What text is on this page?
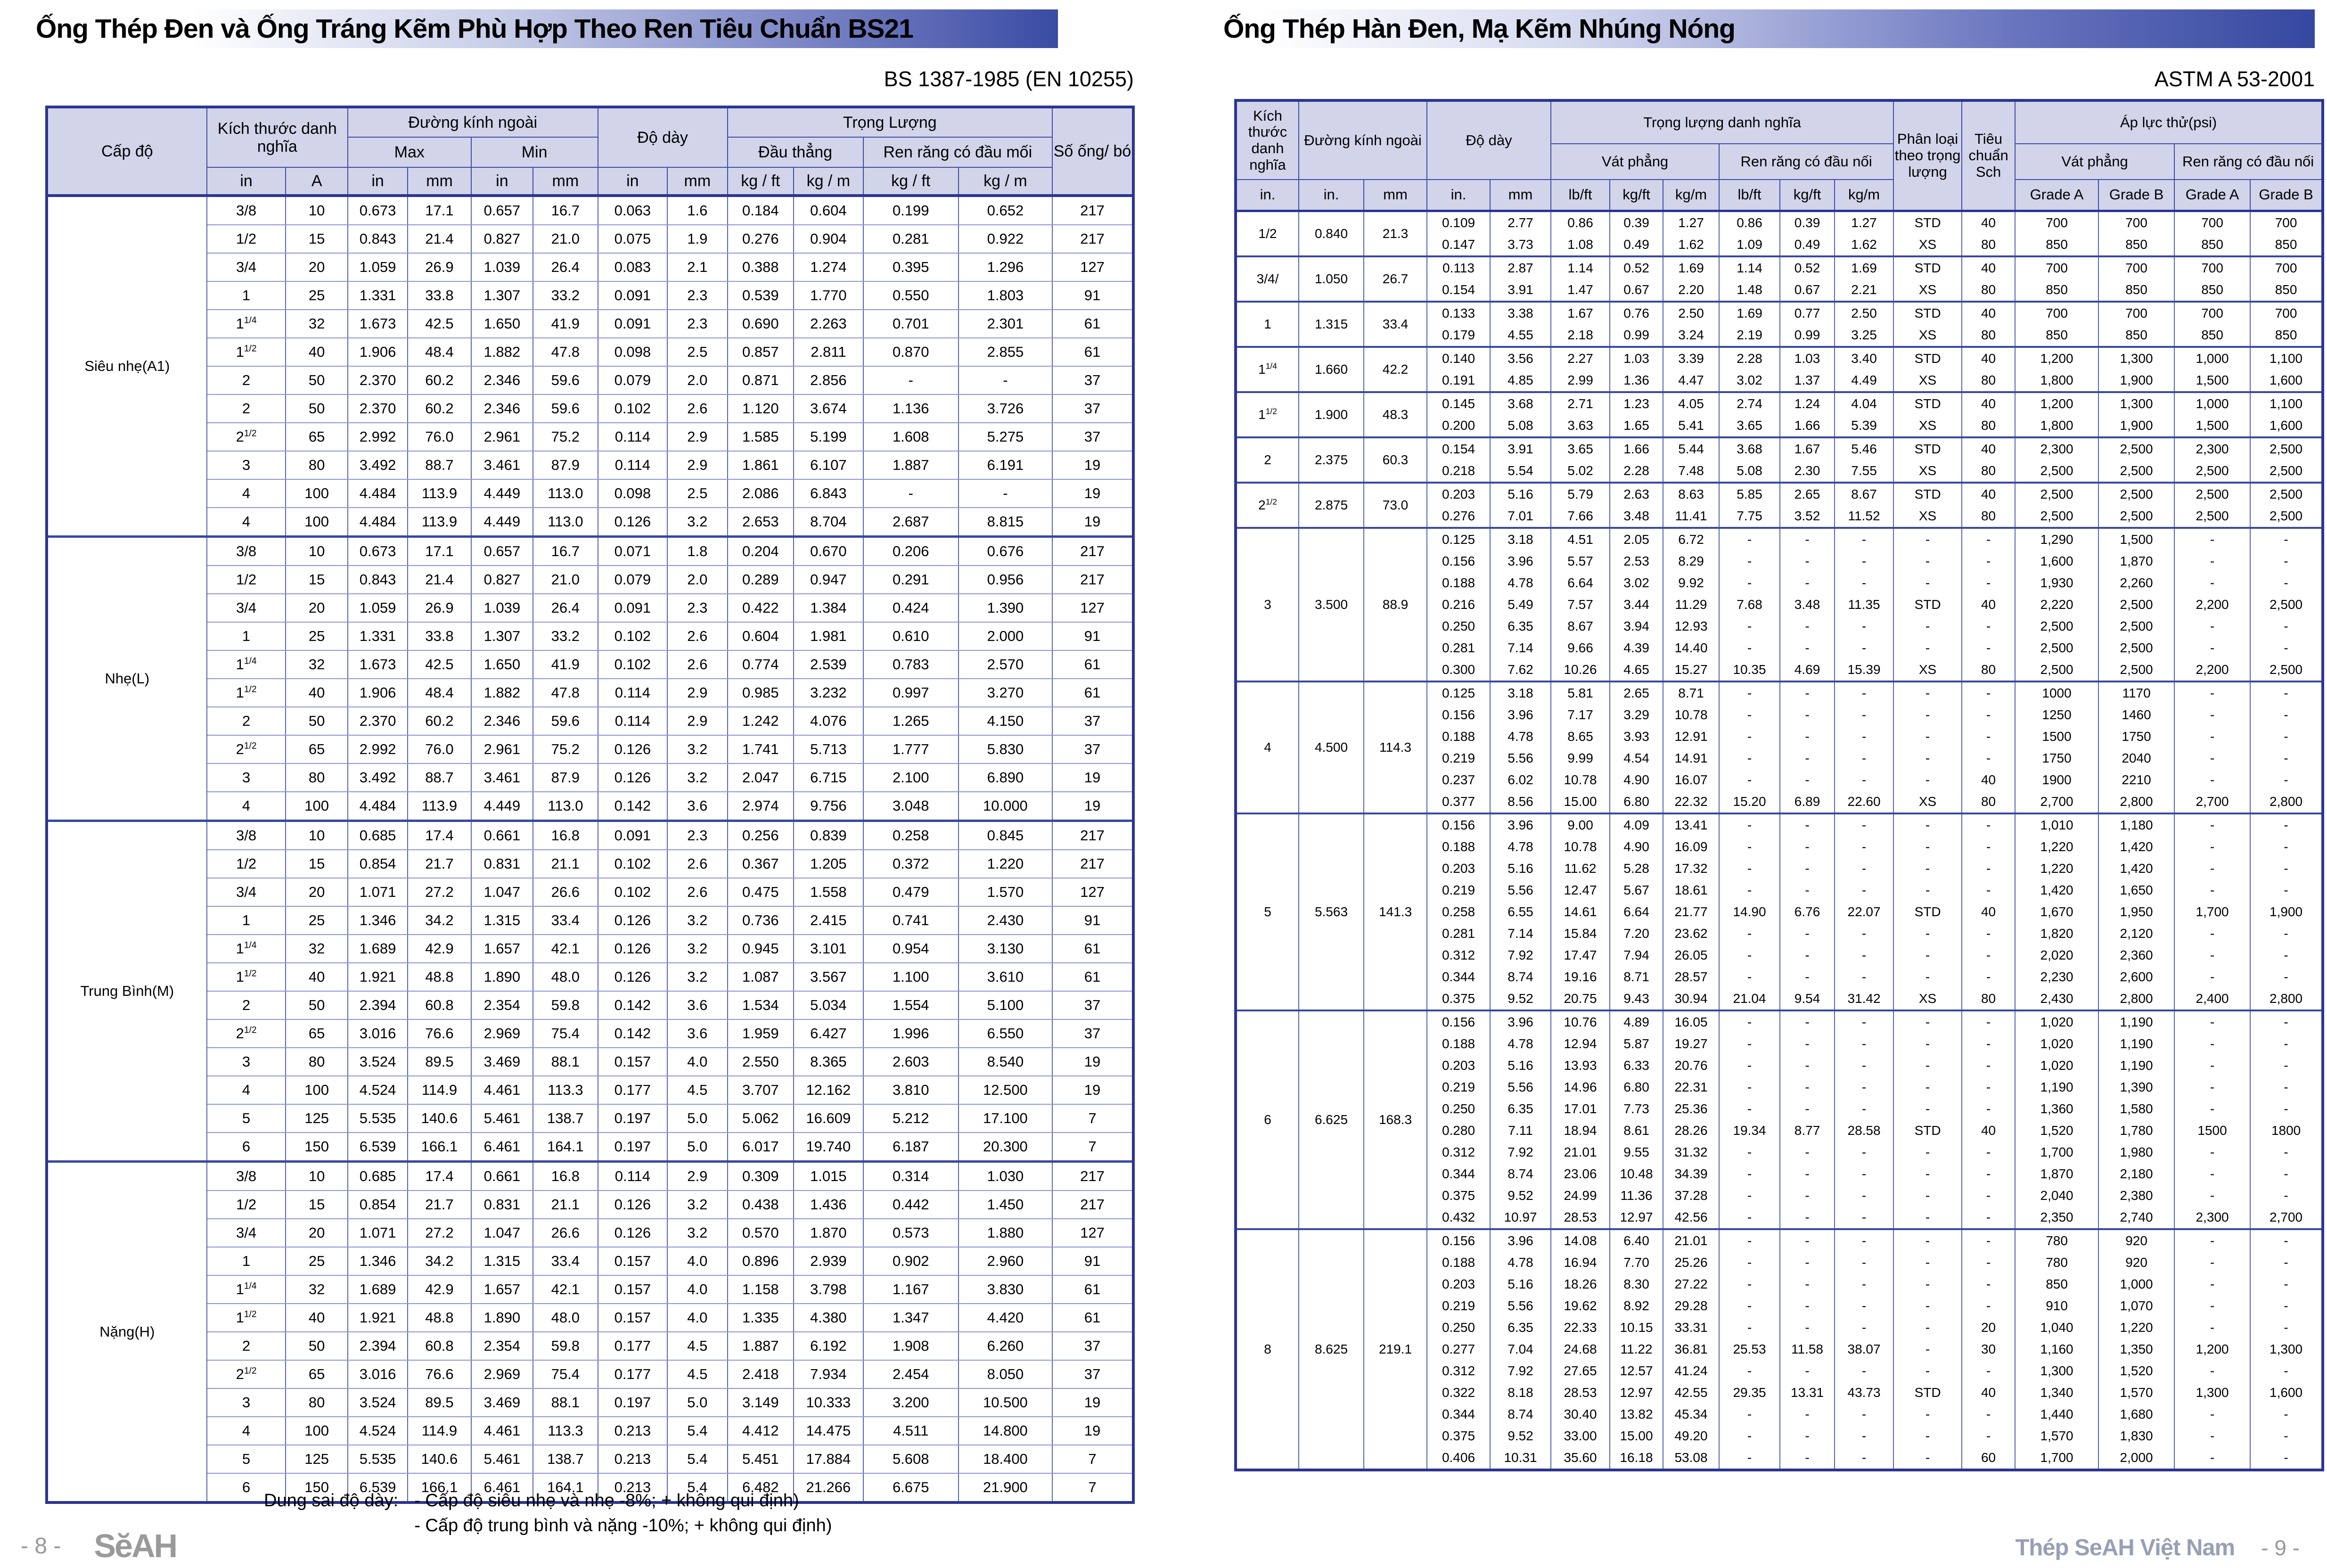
Ống Thép Đen và Ống Tráng Kẽm Phù Hợp Theo Ren Tiêu Chuẩn BS21
BS 1387-1985 (EN 10255)
Cấp độ	Kích thước danh nghĩa		Đường kính ngoài				Độ dày		Trọng Lượng				Số ống/ bó
			Max		Min				Đầu thẳng		Ren răng có đầu mối		
	in	A	in	mm	in	mm	in	mm	kg / ft	kg / m	kg / ft	kg / m	
Siêu nhẹ(A1)	3/8	10	0.673	17.1	0.657	16.7	0.063	1.6	0.184	0.604	0.199	0.652	217
	1/2	15	0.843	21.4	0.827	21.0	0.075	1.9	0.276	0.904	0.281	0.922	217
	3/4	20	1.059	26.9	1.039	26.4	0.083	2.1	0.388	1.274	0.395	1.296	127
	1	25	1.331	33.8	1.307	33.2	0.091	2.3	0.539	1.770	0.550	1.803	91
	$1^{1/4}$	32	1.673	42.5	1.650	41.9	0.091	2.3	0.690	2.263	0.701	2.301	61
	$1^{1/2}$	40	1.906	48.4	1.882	47.8	0.098	2.5	0.857	2.811	0.870	2.855	61
	2	50	2.370	60.2	2.346	59.6	0.079	2.0	0.871	2.856	-	-	37
	2	50	2.370	60.2	2.346	59.6	0.102	2.6	1.120	3.674	1.136	3.726	37
	$2^{1/2}$	65	2.992	76.0	2.961	75.2	0.114	2.9	1.585	5.199	1.608	5.275	37
	3	80	3.492	88.7	3.461	87.9	0.114	2.9	1.861	6.107	1.887	6.191	19
	4	100	4.484	113.9	4.449	113.0	0.098	2.5	2.086	6.843	-	-	19
	4	100	4.484	113.9	4.449	113.0	0.126	3.2	2.653	8.704	2.687	8.815	19
Nhẹ(L)	3/8	10	0.673	17.1	0.657	16.7	0.071	1.8	0.204	0.670	0.206	0.676	217
	1/2	15	0.843	21.4	0.827	21.0	0.079	2.0	0.289	0.947	0.291	0.956	217
	3/4	20	1.059	26.9	1.039	26.4	0.091	2.3	0.422	1.384	0.424	1.390	127
	1	25	1.331	33.8	1.307	33.2	0.102	2.6	0.604	1.981	0.610	2.000	91
	$1^{1/4}$	32	1.673	42.5	1.650	41.9	0.102	2.6	0.774	2.539	0.783	2.570	61
	$1^{1/2}$	40	1.906	48.4	1.882	47.8	0.114	2.9	0.985	3.232	0.997	3.270	61
	2	50	2.370	60.2	2.346	59.6	0.114	2.9	1.242	4.076	1.265	4.150	37
	$2^{1/2}$	65	2.992	76.0	2.961	75.2	0.126	3.2	1.741	5.713	1.777	5.830	37
	3	80	3.492	88.7	3.461	87.9	0.126	3.2	2.047	6.715	2.100	6.890	19
	4	100	4.484	113.9	4.449	113.0	0.142	3.6	2.974	9.756	3.048	10.000	19
Trung Bình(M)	3/8	10	0.685	17.4	0.661	16.8	0.091	2.3	0.256	0.839	0.258	0.845	217
	1/2	15	0.854	21.7	0.831	21.1	0.102	2.6	0.367	1.205	0.372	1.220	217
	3/4	20	1.071	27.2	1.047	26.6	0.102	2.6	0.475	1.558	0.479	1.570	127
	1	25	1.346	34.2	1.315	33.4	0.126	3.2	0.736	2.415	0.741	2.430	91
	$1^{1/4}$	32	1.689	42.9	1.657	42.1	0.126	3.2	0.945	3.101	0.954	3.130	61
	$1^{1/2}$	40	1.921	48.8	1.890	48.0	0.126	3.2	1.087	3.567	1.100	3.610	61
	2	50	2.394	60.8	2.354	59.8	0.142	3.6	1.534	5.034	1.554	5.100	37
	$2^{1/2}$	65	3.016	76.6	2.969	75.4	0.142	3.6	1.959	6.427	1.996	6.550	37
	3	80	3.524	89.5	3.469	88.1	0.157	4.0	2.550	8.365	2.603	8.540	19
	4	100	4.524	114.9	4.461	113.3	0.177	4.5	3.707	12.162	3.810	12.500	19
	5	125	5.535	140.6	5.461	138.7	0.197	5.0	5.062	16.609	5.212	17.100	7
	6	150	6.539	166.1	6.461	164.1	0.197	5.0	6.017	19.740	6.187	20.300	7
Nặng(H)	3/8	10	0.685	17.4	0.661	16.8	0.114	2.9	0.309	1.015	0.314	1.030	217
	1/2	15	0.854	21.7	0.831	21.1	0.126	3.2	0.438	1.436	0.442	1.450	217
	3/4	20	1.071	27.2	1.047	26.6	0.126	3.2	0.570	1.870	0.573	1.880	127
	1	25	1.346	34.2	1.315	33.4	0.157	4.0	0.896	2.939	0.902	2.960	91
	$1^{1/4}$	32	1.689	42.9	1.657	42.1	0.157	4.0	1.158	3.798	1.167	3.830	61
	$1^{1/2}$	40	1.921	48.8	1.890	48.0	0.157	4.0	1.335	4.380	1.347	4.420	61
	2	50	2.394	60.8	2.354	59.8	0.177	4.5	1.887	6.192	1.908	6.260	37
	$2^{1/2}$	65	3.016	76.6	2.969	75.4	0.177	4.5	2.418	7.934	2.454	8.050	37
	3	80	3.524	89.5	3.469	88.1	0.197	5.0	3.149	10.333	3.200	10.500	19
	4	100	4.524	114.9	4.461	113.3	0.213	5.4	4.412	14.475	4.511	14.800	19
	5	125	5.535	140.6	5.461	138.7	0.213	5.4	5.451	17.884	5.608	18.400	7
	6	150	6.539	166.1	6.461	164.1	0.213	5.4	6.482	21.266	6.675	21.900	7
Dung sai độ dày: - Cấp độ siêu nhẹ và nhẹ -8%; + không qui định)
- Cấp độ trung bình và nặng -10%; + không qui định)
- 8 - SĕAH
Ống Thép Hàn Đen, Mạ Kẽm Nhúng Nóng
ASTM A 53-2001
Kích thước danh nghĩa	Đường kính ngoài		Độ dày		Trọng lượng danh nghĩa						Phân loại theo trọng lượng	Tiêu chuẩn Sch	Áp lực thử(psi)			
					Vát phẳng			Ren răng có đầu nối					Vát phẳng		Ren răng có đầu nối	
in.	in.	mm	in.	mm	lb/ft	kg/ft	kg/m	lb/ft	kg/ft	kg/m			Grade A	Grade B	Grade A	Grade B
1/2	0.840	21.3	0.109	2.77	0.86	0.39	1.27	0.86	0.39	1.27	STD	40	700	700	700	700
			0.147	3.73	1.08	0.49	1.62	1.09	0.49	1.62	XS	80	850	850	850	850
3/4/	1.050	26.7	0.113	2.87	1.14	0.52	1.69	1.14	0.52	1.69	STD	40	700	700	700	700
			0.154	3.91	1.47	0.67	2.20	1.48	0.67	2.21	XS	80	850	850	850	850
1	1.315	33.4	0.133	3.38	1.67	0.76	2.50	1.69	0.77	2.50	STD	40	700	700	700	700
			0.179	4.55	2.18	0.99	3.24	2.19	0.99	3.25	XS	80	850	850	850	850
$1^{1/4}$	1.660	42.2	0.140	3.56	2.27	1.03	3.39	2.28	1.03	3.40	STD	40	1,200	1,300	1,000	1,100
			0.191	4.85	2.99	1.36	4.47	3.02	1.37	4.49	XS	80	1,800	1,900	1,500	1,600
$1^{1/2}$	1.900	48.3	0.145	3.68	2.71	1.23	4.05	2.74	1.24	4.04	STD	40	1,200	1,300	1,000	1,100
			0.200	5.08	3.63	1.65	5.41	3.65	1.66	5.39	XS	80	1,800	1,900	1,500	1,600
2	2.375	60.3	0.154	3.91	3.65	1.66	5.44	3.68	1.67	5.46	STD	40	2,300	2,500	2,300	2,500
			0.218	5.54	5.02	2.28	7.48	5.08	2.30	7.55	XS	80	2,500	2,500	2,500	2,500
$2^{1/2}$	2.875	73.0	0.203	5.16	5.79	2.63	8.63	5.85	2.65	8.67	STD	40	2,500	2,500	2,500	2,500
			0.276	7.01	7.66	3.48	11.41	7.75	3.52	11.52	XS	80	2,500	2,500	2,500	2,500
3	3.500	88.9	0.125	3.18	4.51	2.05	6.72	-	-	-	-	-	1,290	1,500	-	-
			0.156	3.96	5.57	2.53	8.29	-	-	-	-	-	1,600	1,870	-	-
			0.188	4.78	6.64	3.02	9.92	-	-	-	-	-	1,930	2,260	-	-
			0.216	5.49	7.57	3.44	11.29	7.68	3.48	11.35	STD	40	2,220	2,500	2,200	2,500
			0.250	6.35	8.67	3.94	12.93	-	-	-	-	-	2,500	2,500	-	-
			0.281	7.14	9.66	4.39	14.40	-	-	-	-	-	2,500	2,500	-	-
			0.300	7.62	10.26	4.65	15.27	10.35	4.69	15.39	XS	80	2,500	2,500	2,200	2,500
4	4.500	114.3	0.125	3.18	5.81	2.65	8.71	-	-	-	-	-	1000	1170	-	-
			0.156	3.96	7.17	3.29	10.78	-	-	-	-	-	1250	1460	-	-
			0.188	4.78	8.65	3.93	12.91	-	-	-	-	-	1500	1750	-	-
			0.219	5.56	9.99	4.54	14.91	-	-	-	-	-	1750	2040	-	-
			0.237	6.02	10.78	4.90	16.07	-	-	-	-	40	1900	2210	-	-
			0.377	8.56	15.00	6.80	22.32	15.20	6.89	22.60	XS	80	2,700	2,800	2,700	2,800
5	5.563	141.3	0.156	3.96	9.00	4.09	13.41	-	-	-	-	-	1,010	1,180	-	-
			0.188	4.78	10.78	4.90	16.09	-	-	-	-	-	1,220	1,420	-	-
			0.203	5.16	11.62	5.28	17.32	-	-	-	-	-	1,220	1,420	-	-
			0.219	5.56	12.47	5.67	18.61	-	-	-	-	-	1,420	1,650	-	-
			0.258	6.55	14.61	6.64	21.77	14.90	6.76	22.07	STD	40	1,670	1,950	1,700	1,900
			0.281	7.14	15.84	7.20	23.62	-	-	-	-	-	1,820	2,120	-	-
			0.312	7.92	17.47	7.94	26.05	-	-	-	-	-	2,020	2,360	-	-
			0.344	8.74	19.16	8.71	28.57	-	-	-	-	-	2,230	2,600	-	-
			0.375	9.52	20.75	9.43	30.94	21.04	9.54	31.42	XS	80	2,430	2,800	2,400	2,800
6	6.625	168.3	0.156	3.96	10.76	4.89	16.05	-	-	-	-	-	1,020	1,190	-	-
			0.188	4.78	12.94	5.87	19.27	-	-	-	-	-	1,020	1,190	-	-
			0.203	5.16	13.93	6.33	20.76	-	-	-	-	-	1,020	1,190	-	-
			0.219	5.56	14.96	6.80	22.31	-	-	-	-	-	1,190	1,390	-	-
			0.250	6.35	17.01	7.73	25.36	-	-	-	-	-	1,360	1,580	-	-
			0.280	7.11	18.94	8.61	28.26	19.34	8.77	28.58	STD	40	1,520	1,780	1500	1800
			0.312	7.92	21.01	9.55	31.32	-	-	-	-	-	1,700	1,980	-	-
			0.344	8.74	23.06	10.48	34.39	-	-	-	-	-	1,870	2,180	-	-
			0.375	9.52	24.99	11.36	37.28	-	-	-	-	-	2,040	2,380	-	-
			0.432	10.97	28.53	12.97	42.56	-	-	-	-	-	2,350	2,740	2,300	2,700
8	8.625	219.1	0.156	3.96	14.08	6.40	21.01	-	-	-	-	-	780	920	-	-
			0.188	4.78	16.94	7.70	25.26	-	-	-	-	-	780	920	-	-
			0.203	5.16	18.26	8.30	27.22	-	-	-	-	-	850	1,000	-	-
			0.219	5.56	19.62	8.92	29.28	-	-	-	-	-	910	1,070	-	-
			0.250	6.35	22.33	10.15	33.31	-	-	-	-	20	1,040	1,220	-	-
			0.277	7.04	24.68	11.22	36.81	25.53	11.58	38.07	-	30	1,160	1,350	1,200	1,300
			0.312	7.92	27.65	12.57	41.24	-	-	-	-	-	1,300	1,520	-	-
			0.322	8.18	28.53	12.97	42.55	29.35	13.31	43.73	STD	40	1,340	1,570	1,300	1,600
			0.344	8.74	30.40	13.82	45.34	-	-	-	-	-	1,440	1,680	-	-
			0.375	9.52	33.00	15.00	49.20	-	-	-	-	-	1,570	1,830	-	-
			0.406	10.31	35.60	16.18	53.08	-	-	-	-	60	1,700	2,000	-	-
Thép SeAH Việt Nam - 9 -
